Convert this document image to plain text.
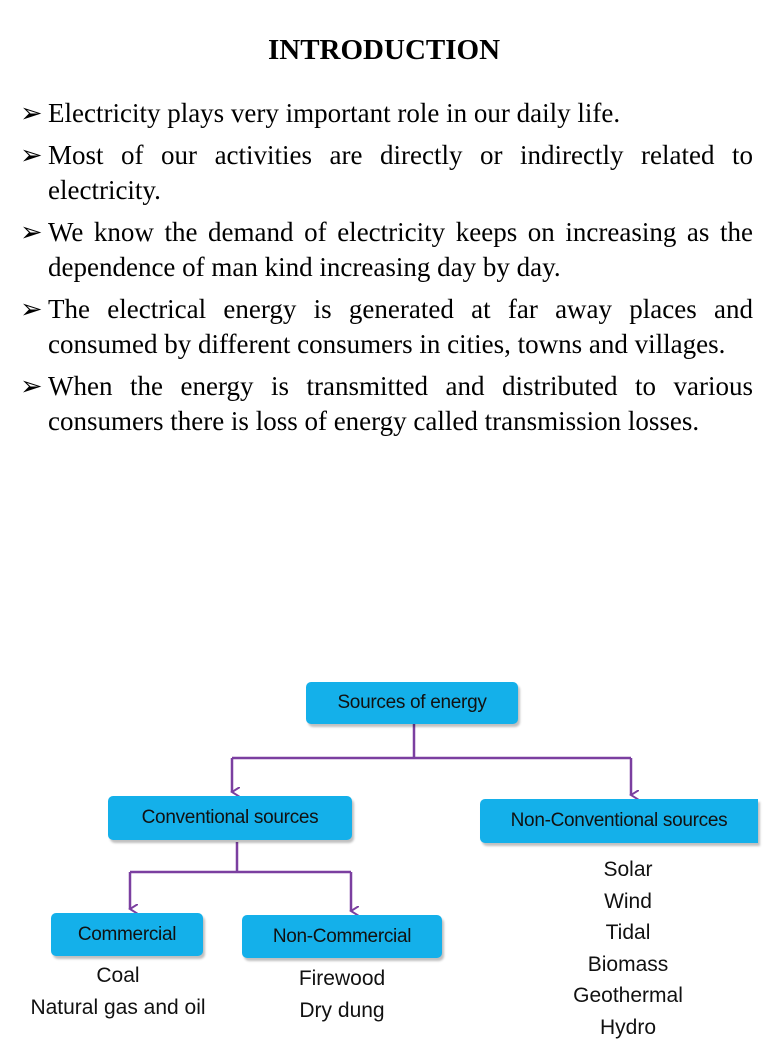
INTRODUCTION
➢ Electricity plays very important role in our daily life.
➢ Most of our activities are directly or indirectly related to electricity.
➢ We know the demand of electricity keeps on increasing as the dependence of man kind increasing day by day.
➢ The electrical energy is generated at far away places and consumed by different consumers in cities, towns and villages.
➢ When the energy is transmitted and distributed to various consumers there is loss of energy called transmission losses.
Sources of energy
Conventional sources	Non-Conventional sources
Commercial	Non-Commercial
Coal
Natural gas and oil
Firewood
Dry dung
Solar
Wind
Tidal
Biomass
Geothermal
Hydro
